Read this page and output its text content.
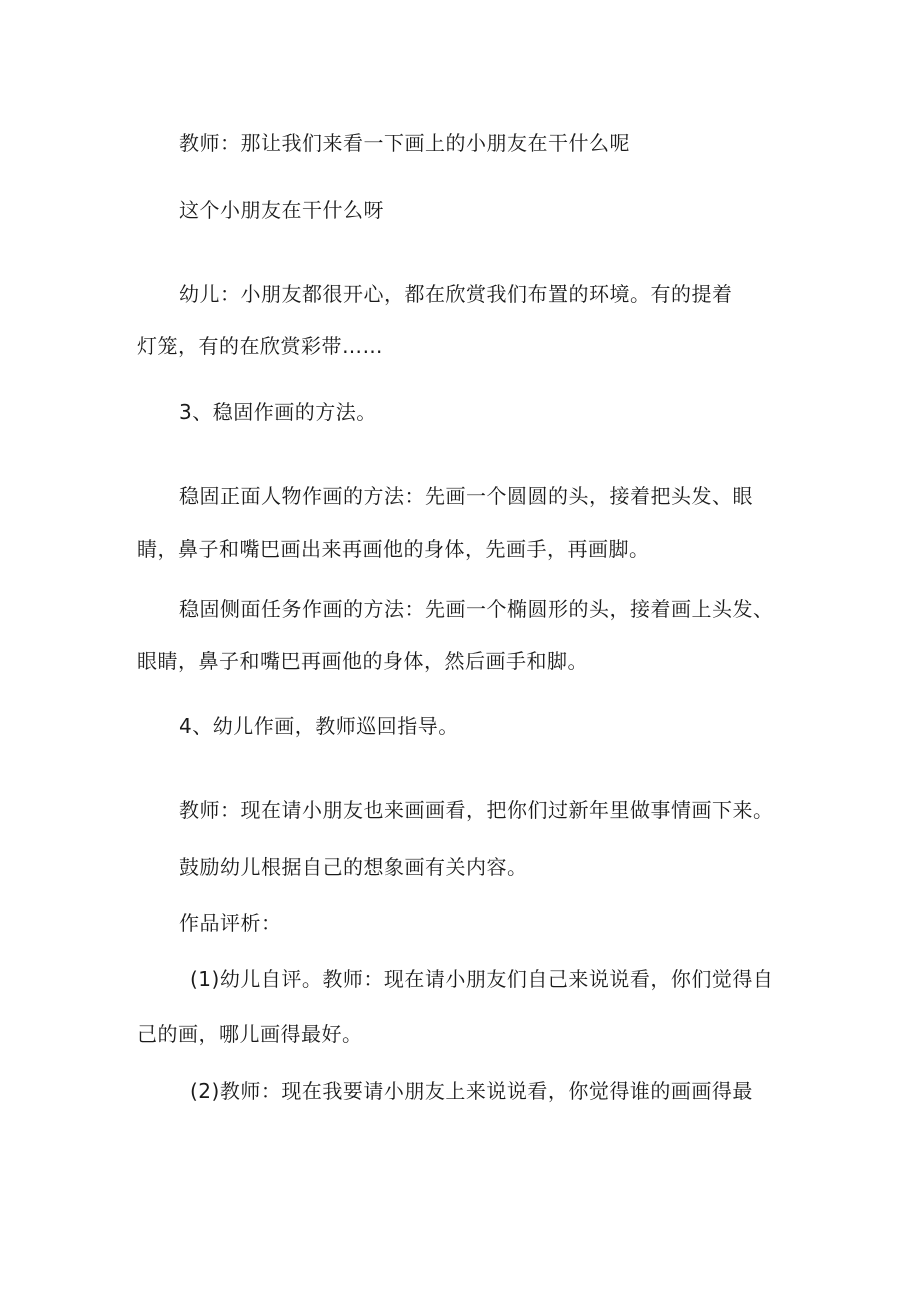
教师：那让我们来看一下画上的小朋友在干什么呢
这个小朋友在干什么呀
幼儿：小朋友都很开心，都在欣赏我们布置的环境。有的提着
灯笼，有的在欣赏彩带……
3、稳固作画的方法。
稳固正面人物作画的方法：先画一个圆圆的头，接着把头发、眼
睛，鼻子和嘴巴画出来再画他的身体，先画手，再画脚。
稳固侧面任务作画的方法：先画一个椭圆形的头，接着画上头发、
眼睛，鼻子和嘴巴再画他的身体，然后画手和脚。
4、幼儿作画，教师巡回指导。
教师：现在请小朋友也来画画看，把你们过新年里做事情画下来。
鼓励幼儿根据自己的想象画有关内容。
作品评析：
(1)幼儿自评。教师：现在请小朋友们自己来说说看，你们觉得自
己的画，哪儿画得最好。
(2)教师：现在我要请小朋友上来说说看，你觉得谁的画画得最
